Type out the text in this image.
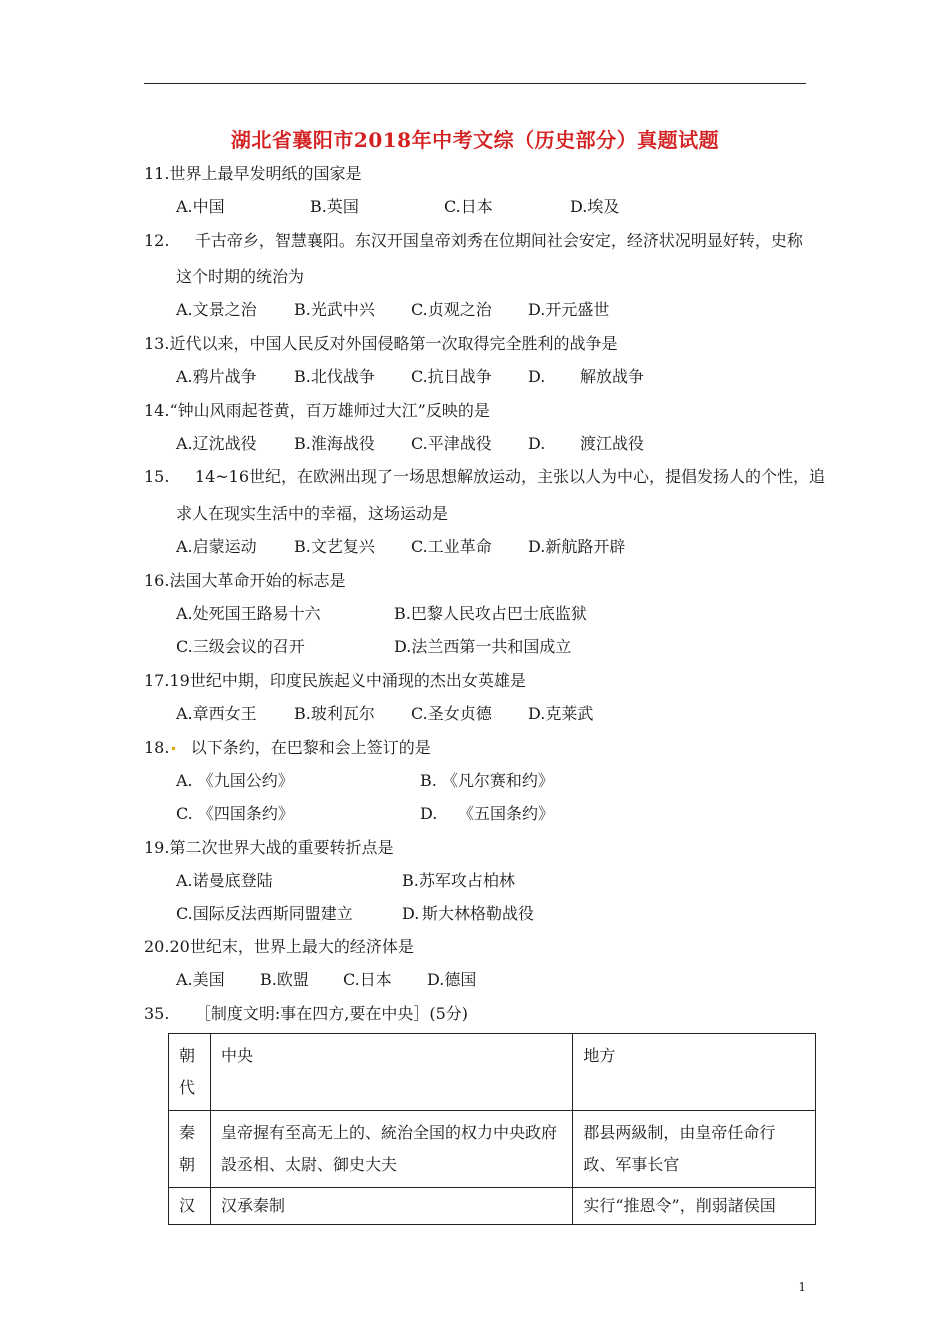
湖北省襄阳市2018年中考文综（历史部分）真题试题
11.世界上最早发明纸的国家是
A.中国	B.英国	C.日本	D.埃及
12. 千古帝乡，智慧襄阳。东汉开国皇帝刘秀在位期间社会安定，经济状况明显好转，史称
这个时期的统治为
A.文景之治 B.光武中兴 C.贞观之治 D.开元盛世
13.近代以来，中国人民反对外国侵略第一次取得完全胜利的战争是
A.鸦片战争 B.北伐战争 C.抗日战争 D. 解放战争
14.“钟山风雨起苍黄，百万雄师过大江”反映的是
A.辽沈战役 B.淮海战役 C.平津战役 D. 渡江战役
15. 14~16世纪，在欧洲出现了一场思想解放运动，主张以人为中心，提倡发扬人的个性，追
求人在现实生活中的幸福，这场运动是
A.启蒙运动 B.文艺复兴 C.工业革命 D.新航路开辟
16.法国大革命开始的标志是
A.处死国王路易十六	B.巴黎人民攻占巴士底监狱
C.三级会议的召开	D.法兰西第一共和国成立
17.19世纪中期，印度民族起义中涌现的杰出女英雄是
A.章西女王 B.玻利瓦尔 C.圣女贞德 D.克莱武
18. 以下条约，在巴黎和会上签订的是
A. 《九国公约》	B. 《凡尔赛和约》
C. 《四国条约》	D. 《五国条约》
19.第二次世界大战的重要转折点是
A.诺曼底登陆	B.苏军攻占柏林
C.国际反法西斯同盟建立	D. 斯大林格勒战役
20.20世纪末，世界上最大的经济体是
A.美国 B.欧盟 C.日本 D.德国
35. ［制度文明:事在四方,要在中央］(5分)
朝
代	中央	地方

秦
朝	皇帝握有至高无上的、統治全国的权力中央政府設丞相、太尉、御史大夫	郡县两級制，由皇帝任命行政、军事长官

汉	汉承秦制	实行“推恩令”，削弱諸侯国
1
